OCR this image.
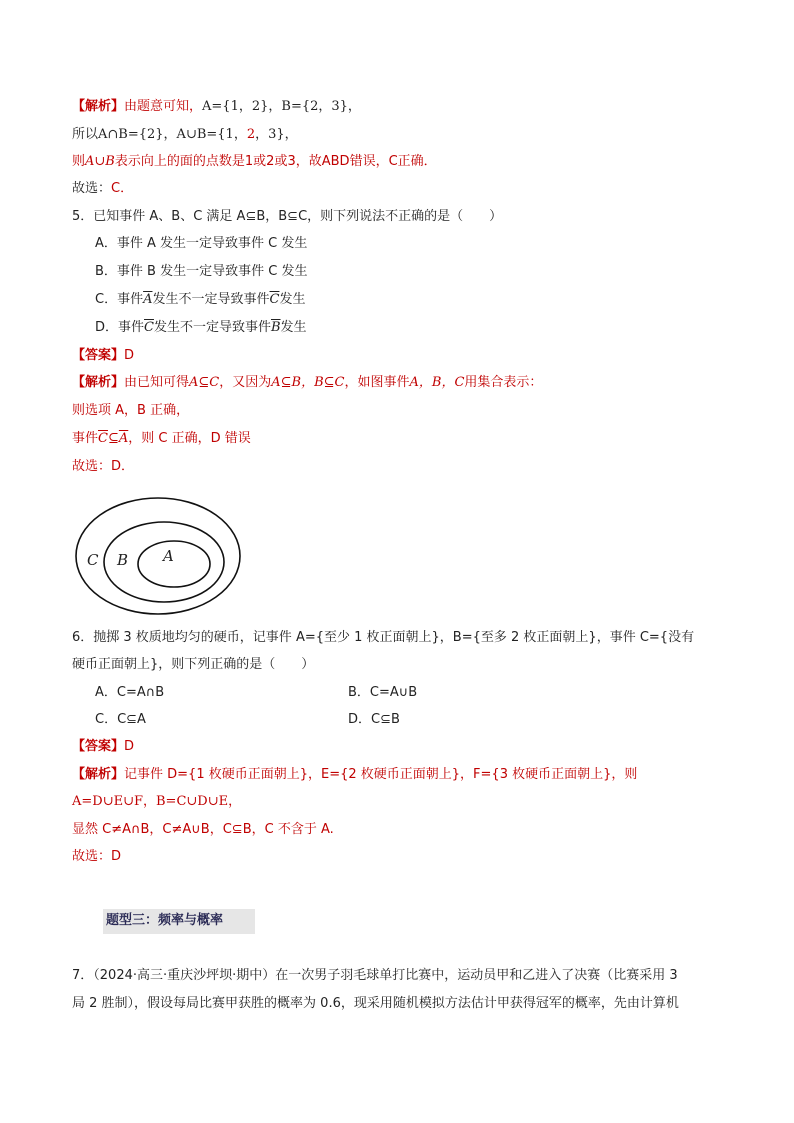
【解析】由题意可知，A={1，2}，B={2，3}，
所以A∩B={2}，A∪B={1，2，3}，
则A∪B表示向上的面的点数是1或2或3，故ABD错误，C正确．
故选：C．
5．已知事件 A、B、C 满足 A⊆B，B⊆C，则下列说法不正确的是（　　）
A．事件 A 发生一定导致事件 C 发生
B．事件 B 发生一定导致事件 C 发生
C．事件$\overline{A}$发生不一定导致事件$\overline{C}$发生
D．事件$\overline{C}$发生不一定导致事件$\overline{B}$发生
【答案】D
【解析】由已知可得A⊆C，又因为A⊆B，B⊆C，如图事件A，B，C用集合表示：
则选项 A，B 正确，
事件$\overline{C}⊆\overline{A}$，则 C 正确，D 错误
故选：D．
C B A
6．抛掷 3 枚质地均匀的硬币，记事件 A={至少 1 枚正面朝上}，B={至多 2 枚正面朝上}，事件 C={没有
硬币正面朝上}，则下列正确的是（　　）
A．C=A∩B	B．C=A∪B
C．C⊆A	D．C⊆B
【答案】D
【解析】记事件 D={1 枚硬币正面朝上}，E={2 枚硬币正面朝上}，F={3 枚硬币正面朝上}，则
A=D∪E∪F，B=C∪D∪E，
显然 C≠A∩B，C≠A∪B，C⊆B，C 不含于 A.
故选：D
题型三：频率与概率
7．（2024·高三·重庆沙坪坝·期中）在一次男子羽毛球单打比赛中，运动员甲和乙进入了决赛（比赛采用 3
局 2 胜制），假设每局比赛甲获胜的概率为 0.6，现采用随机模拟方法估计甲获得冠军的概率，先由计算机
